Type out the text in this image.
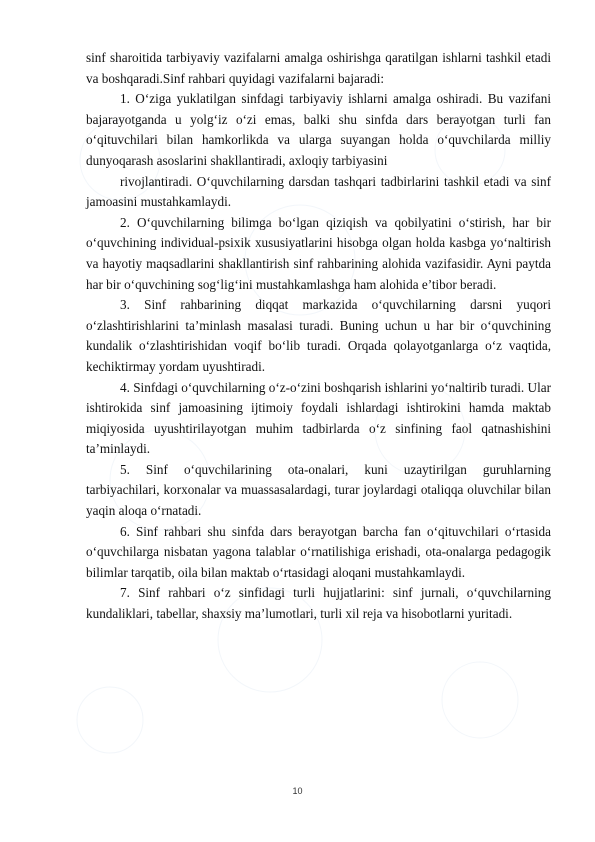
sinf sharoitida tarbiyaviy vazifalarni amalga oshirishga qaratilgan ishlarni tashkil etadi va boshqaradi.Sinf rahbari quyidagi vazifalarni bajaradi:

1. O‘ziga yuklatilgan sinfdagi tarbiyaviy ishlarni amalga oshiradi. Bu vazifani bajarayotganda u yolg‘iz o‘zi emas, balki shu sinfda dars berayotgan turli fan o‘qituvchilari bilan hamkorlikda va ularga suyangan holda o‘quvchilarda milliy dunyoqarash asoslarini shakllantiradi, axloqiy tarbiyasini

rivojlantiradi. O‘quvchilarning darsdan tashqari tadbirlarini tashkil etadi va sinf jamoasini mustahkamlaydi.

2. O‘quvchilarning bilimga bo‘lgan qiziqish va qobilyatini o‘stirish, har bir o‘quvchining individual-psixik xususiyatlarini hisobga olgan holda kasbga yo‘naltirish va hayotiy maqsadlarini shakllantirish sinf rahbarining alohida vazifasidir. Ayni paytda har bir o‘quvchining sog‘lig‘ini mustahkamlashga ham alohida e’tibor beradi.

3. Sinf rahbarining diqqat markazida o‘quvchilarning darsni yuqori o‘zlashtirishlarini ta’minlash masalasi turadi. Buning uchun u har bir o‘quvchining kundalik o‘zlashtirishidan voqif bo‘lib turadi. Orqada qolayotganlarga o‘z vaqtida, kechiktirmay yordam uyushtiradi.

4. Sinfdagi o‘quvchilarning o‘z-o‘zini boshqarish ishlarini yo‘naltirib turadi. Ular ishtirokida sinf jamoasining ijtimoiy foydali ishlardagi ishtirokini hamda maktab miqiyosida uyushtirilayotgan muhim tadbirlarda o‘z sinfining faol qatnashishini ta’minlaydi.

5. Sinf o‘quvchilarining ota-onalari, kuni uzaytirilgan guruhlarning tarbiyachilari, korxonalar va muassasalardagi, turar joylardagi otaliqqa oluvchilar bilan yaqin aloqa o‘rnatadi.

6. Sinf rahbari shu sinfda dars berayotgan barcha fan o‘qituvchilari o‘rtasida o‘quvchilarga nisbatan yagona talablar o‘rnatilishiga erishadi, ota-onalarga pedagogik bilimlar tarqatib, oila bilan maktab o‘rtasidagi aloqani mustahkamlaydi.

7. Sinf rahbari o‘z sinfidagi turli hujjatlarini: sinf jurnali, o‘quvchilarning kundaliklari, tabellar, shaxsiy ma’lumotlari, turli xil reja va hisobotlarni yuritadi.

10
